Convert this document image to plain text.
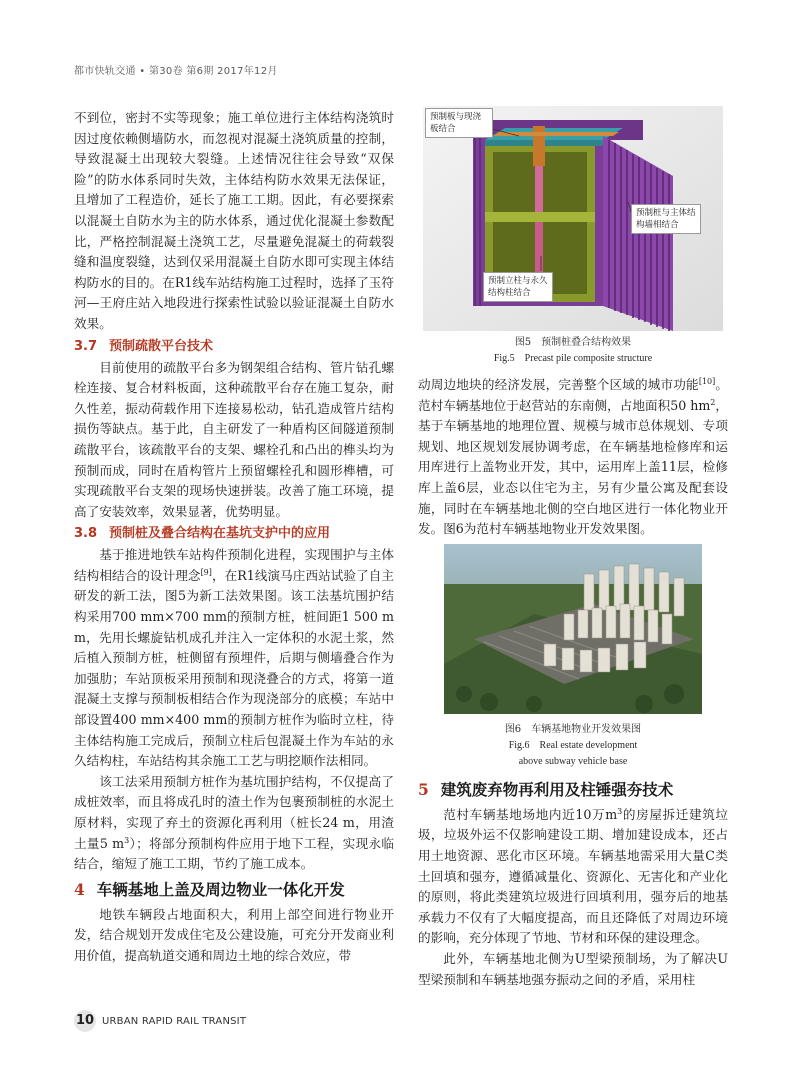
都市快轨交通 • 第30卷 第6期 2017年12月

不到位，密封不实等现象；施工单位进行主体结构浇筑时因过度依赖侧墙防水，而忽视对混凝土浇筑质量的控制，导致混凝土出现较大裂缝。上述情况往往会导致“双保险”的防水体系同时失效，主体结构防水效果无法保证，且增加了工程造价，延长了施工工期。因此，有必要探索以混凝土自防水为主的防水体系，通过优化混凝土参数配比，严格控制混凝土浇筑工艺，尽量避免混凝土的荷载裂缝和温度裂缝，达到仅采用混凝土自防水即可实现主体结构防水的目的。在R1线车站结构施工过程时，选择了玉符河—王府庄站入地段进行探索性试验以验证混凝土自防水效果。

3.7 预制疏散平台技术

目前使用的疏散平台多为钢架组合结构、管片钻孔螺栓连接、复合材料板面，这种疏散平台存在施工复杂，耐久性差，振动荷载作用下连接易松动，钻孔造成管片结构损伤等缺点。基于此，自主研发了一种盾构区间隧道预制疏散平台，该疏散平台的支架、螺栓孔和凸出的榫头均为预制而成，同时在盾构管片上预留螺栓孔和圆形榫槽，可实现疏散平台支架的现场快速拼装。改善了施工环境，提高了安装效率，效果显著，优势明显。

3.8 预制桩及叠合结构在基坑支护中的应用

基于推进地铁车站构件预制化进程，实现围护与主体结构相结合的设计理念[9]，在R1线演马庄西站试验了自主研发的新工法，图5为新工法效果图。该工法基坑围护结构采用700 mm×700 mm的预制方桩，桩间距1 500 mm，先用长螺旋钻机成孔并注入一定体积的水泥土浆，然后植入预制方桩，桩侧留有预埋件，后期与侧墙叠合作为加强肋；车站顶板采用预制和现浇叠合的方式，将第一道混凝土支撑与预制板相结合作为现浇部分的底模；车站中部设置400 mm×400 mm的预制方桩作为临时立柱，待主体结构施工完成后，预制立柱后包混凝土作为车站的永久结构柱，车站结构其余施工工艺与明挖顺作法相同。

该工法采用预制方桩作为基坑围护结构，不仅提高了成桩效率，而且将成孔时的渣土作为包裹预制桩的水泥土原材料，实现了弃土的资源化再利用（桩长24 m，用渣土量5 $m^3$）；将部分预制构件应用于地下工程，实现永临结合，缩短了施工工期，节约了施工成本。

4 车辆基地上盖及周边物业一体化开发

地铁车辆段占地面积大，利用上部空间进行物业开发，结合规划开发成住宅及公建设施，可充分开发商业利用价值，提高轨道交通和周边土地的综合效应，带

预制板与现浇板结合
预制桩与主体结构墙相结合
预制立柱与永久结构柱结合
图5　预制桩叠合结构效果
Fig.5　Precast pile composite structure

动周边地块的经济发展，完善整个区域的城市功能[10]。范村车辆基地位于赵营站的东南侧，占地面积50 $hm^2$，基于车辆基地的地理位置、规模与城市总体规划、专项规划、地区规划发展协调考虑，在车辆基地检修库和运用库进行上盖物业开发，其中，运用库上盖11层，检修库上盖6层，业态以住宅为主，另有少量公寓及配套设施，同时在车辆基地北侧的空白地区进行一体化物业开发。图6为范村车辆基地物业开发效果图。

图6　车辆基地物业开发效果图
Fig.6　Real estate development
above subway vehicle base
5 建筑废弃物再利用及柱锤强夯技术

范村车辆基地场地内近10万$m^3$的房屋拆迁建筑垃圾，垃圾外运不仅影响建设工期、增加建设成本，还占用土地资源、恶化市区环境。车辆基地需采用大量C类土回填和强夯，遵循减量化、资源化、无害化和产业化的原则，将此类建筑垃圾进行回填利用，强夯后的地基承载力不仅有了大幅度提高，而且还降低了对周边环境的影响，充分体现了节地、节材和环保的建设理念。

此外，车辆基地北侧为U型梁预制场，为了解决U型梁预制和车辆基地强夯振动之间的矛盾，采用柱

10 URBAN RAPID RAIL TRANSIT
